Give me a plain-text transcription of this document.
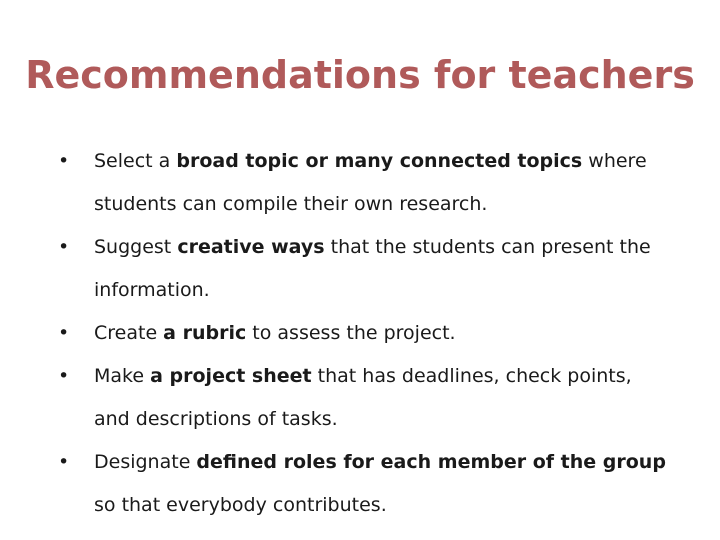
Recommendations for teachers
• Select a broad topic or many connected topics where
students can compile their own research.
• Suggest creative ways that the students can present the
information.
• Create a rubric to assess the project.
• Make a project sheet that has deadlines, check points,
and descriptions of tasks.
• Designate defined roles for each member of the group
so that everybody contributes.
